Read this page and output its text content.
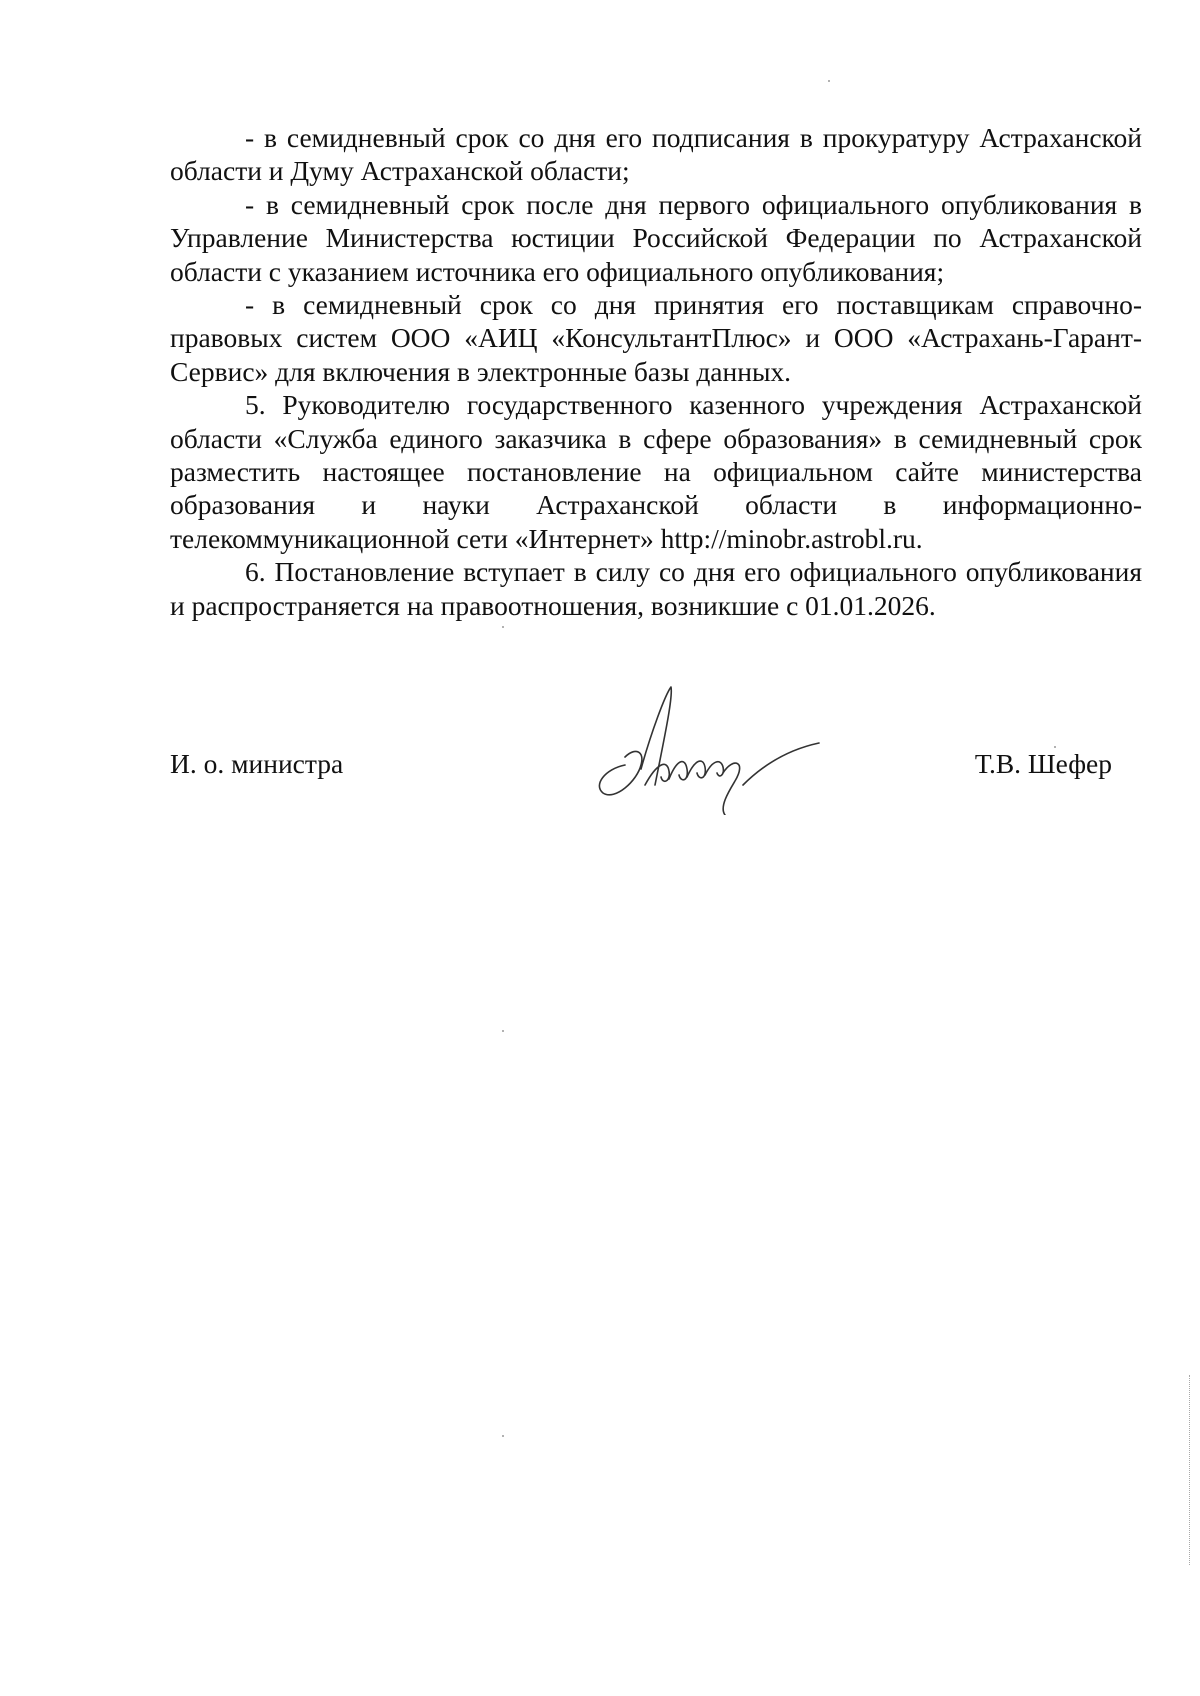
- в семидневный срок со дня его подписания в прокуратуру Астраханской области и Думу Астраханской области;

- в семидневный срок после дня первого официального опубликования в Управление Министерства юстиции Российской Федерации по Астраханской области с указанием источника его официального опубликования;

- в семидневный срок со дня принятия его поставщикам справочно-правовых систем ООО «АИЦ «КонсультантПлюс» и ООО «Астрахань-Гарант-Сервис» для включения в электронные базы данных.

5. Руководителю государственного казенного учреждения Астраханской области «Служба единого заказчика в сфере образования» в семидневный срок разместить настоящее постановление на официальном сайте министерства образования и науки Астраханской области в информационно-телекоммуникационной сети «Интернет» http://minobr.astrobl.ru.

6. Постановление вступает в силу со дня его официального опубликования и распространяется на правоотношения, возникшие с 01.01.2026.

И. о. министра	Т.В. Шефер
